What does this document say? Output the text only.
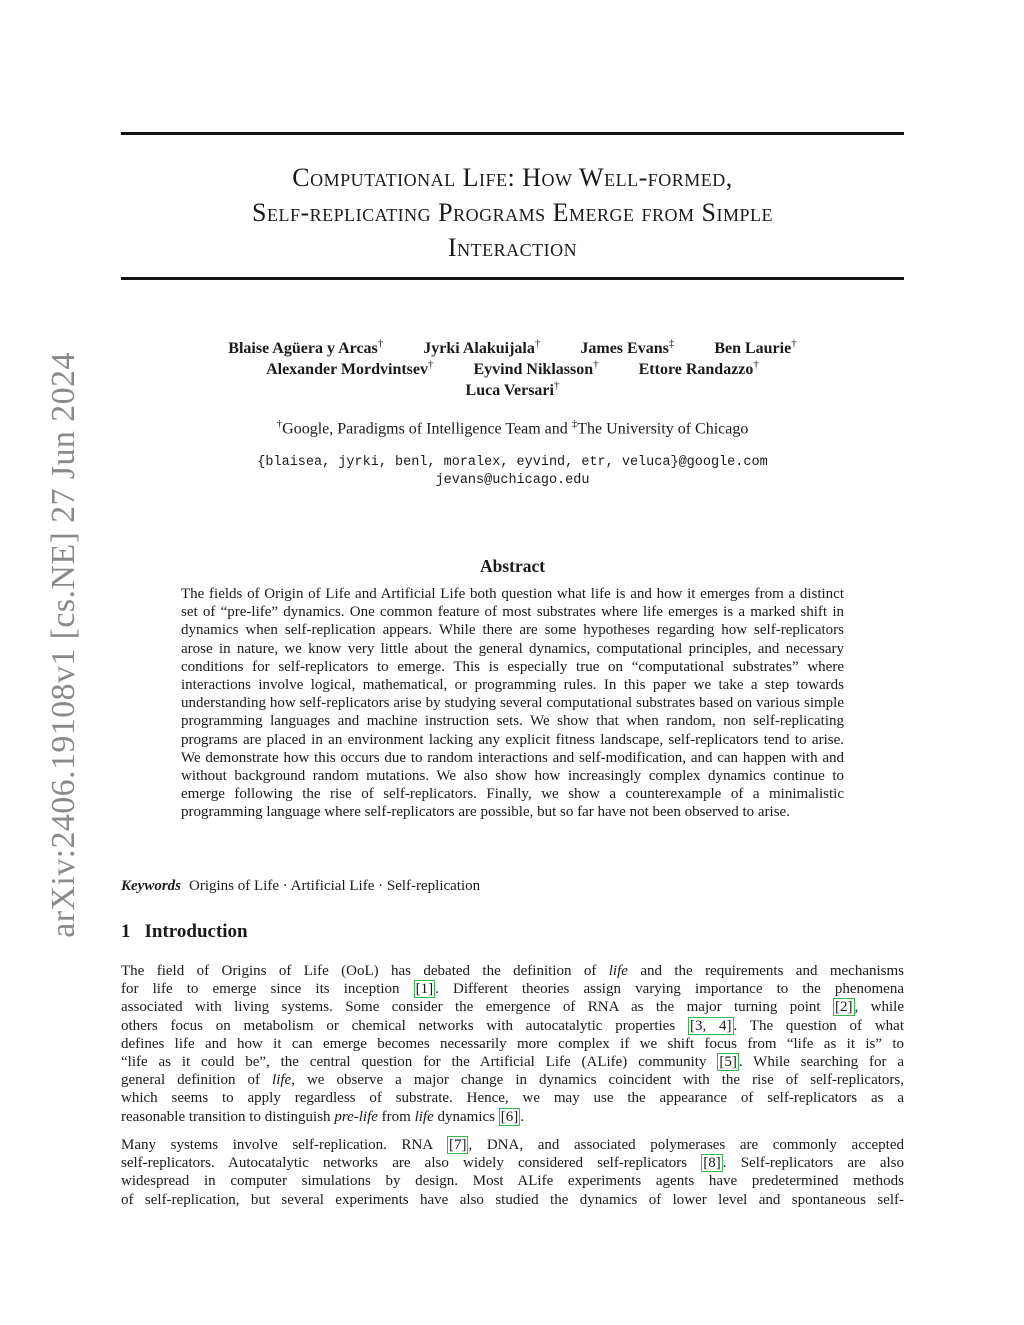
arXiv:2406.19108v1 [cs.NE] 27 Jun 2024
Computational Life: How Well-formed,
Self-replicating Programs Emerge from Simple
Interaction
Blaise Agüera y Arcas†	Jyrki Alakuijala†	James Evans‡	Ben Laurie†
Alexander Mordvintsev†	Eyvind Niklasson†	Ettore Randazzo†
Luca Versari†
†Google, Paradigms of Intelligence Team and ‡The University of Chicago
{blaisea, jyrki, benl, moralex, eyvind, etr, veluca}@google.com
jevans@uchicago.edu
Abstract
The fields of Origin of Life and Artificial Life both question what life is and how it emerges from a distinct set of “pre-life” dynamics. One common feature of most substrates where life emerges is a marked shift in dynamics when self-replication appears. While there are some hypotheses regarding how self-replicators arose in nature, we know very little about the general dynamics, computational principles, and necessary conditions for self-replicators to emerge. This is especially true on “computational substrates” where interactions involve logical, mathematical, or programming rules. In this paper we take a step towards understanding how self-replicators arise by studying several computational substrates based on various simple programming languages and machine instruction sets. We show that when random, non self-replicating programs are placed in an environment lacking any explicit fitness landscape, self-replicators tend to arise. We demonstrate how this occurs due to random interactions and self-modification, and can happen with and without background random mutations. We also show how increasingly complex dynamics continue to emerge following the rise of self-replicators. Finally, we show a counterexample of a minimalistic programming language where self-replicators are possible, but so far have not been observed to arise.
Keywords Origins of Life · Artificial Life · Self-replication
1 Introduction
The field of Origins of Life (OoL) has debated the definition of life and the requirements and mechanisms
for life to emerge since its inception [1] . Different theories assign varying importance to the phenomena
associated with living systems. Some consider the emergence of RNA as the major turning point [2] , while
others focus on metabolism or chemical networks with autocatalytic properties [3, 4] . The question of what
defines life and how it can emerge becomes necessarily more complex if we shift focus from “life as it is” to
“life as it could be”, the central question for the Artificial Life (ALife) community [5] . While searching for a
general definition of life, we observe a major change in dynamics coincident with the rise of self-replicators,
which seems to apply regardless of substrate. Hence, we may use the appearance of self-replicators as a
reasonable transition to distinguish pre-life from life dynamics [6] .
Many systems involve self-replication. RNA [7] , DNA, and associated polymerases are commonly accepted
self-replicators. Autocatalytic networks are also widely considered self-replicators [8] . Self-replicators are also
widespread in computer simulations by design. Most ALife experiments agents have predetermined methods
of self-replication, but several experiments have also studied the dynamics of lower level and spontaneous self-
